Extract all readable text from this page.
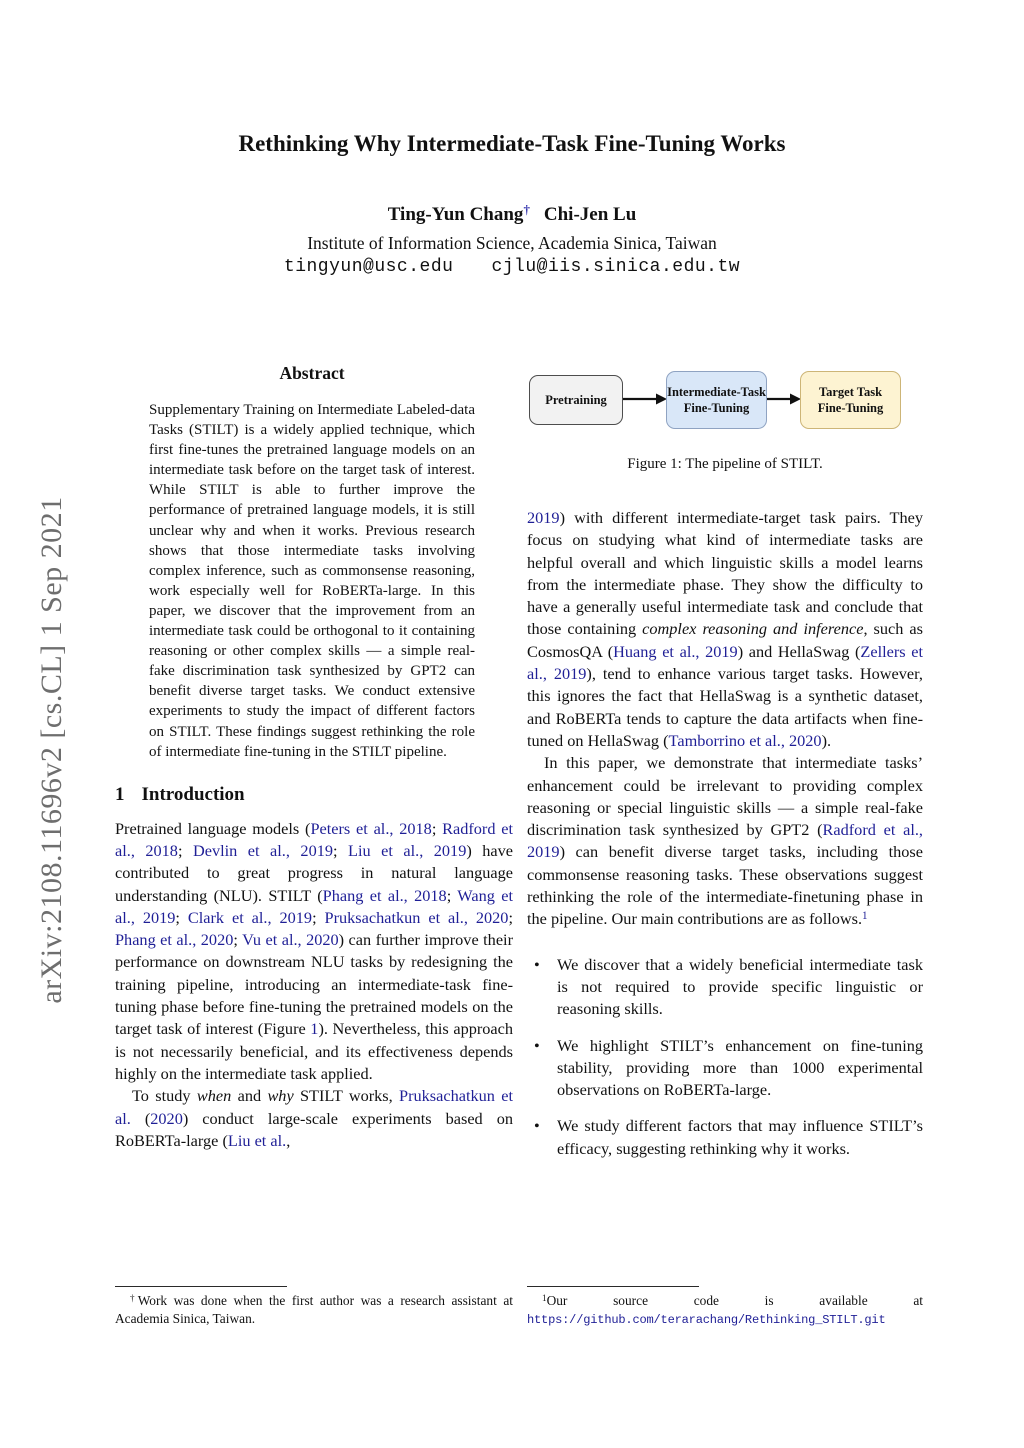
arXiv:2108.11696v2 [cs.CL] 1 Sep 2021
Rethinking Why Intermediate-Task Fine-Tuning Works
Ting-Yun Chang† Chi-Jen Lu
Institute of Information Science, Academia Sinica, Taiwan
tingyun@usc.edu cjlu@iis.sinica.edu.tw
Abstract
Supplementary Training on Intermediate Labeled-data Tasks (STILT) is a widely applied technique, which first fine-tunes the pretrained language models on an intermediate task before on the target task of interest. While STILT is able to further improve the performance of pretrained language models, it is still unclear why and when it works. Previous research shows that those intermediate tasks involving complex inference, such as commonsense reasoning, work especially well for RoBERTa-large. In this paper, we discover that the improvement from an intermediate task could be orthogonal to it containing reasoning or other complex skills — a simple real-fake discrimination task synthesized by GPT2 can benefit diverse target tasks. We conduct extensive experiments to study the impact of different factors on STILT. These findings suggest rethinking the role of intermediate fine-tuning in the STILT pipeline.
1 Introduction

Pretrained language models (Peters et al., 2018; Radford et al., 2018; Devlin et al., 2019; Liu et al., 2019) have contributed to great progress in natural language understanding (NLU). STILT (Phang et al., 2018; Wang et al., 2019; Clark et al., 2019; Pruksachatkun et al., 2020; Phang et al., 2020; Vu et al., 2020) can further improve their performance on downstream NLU tasks by redesigning the training pipeline, introducing an intermediate-task fine-tuning phase before fine-tuning the pretrained models on the target task of interest (Figure 1). Nevertheless, this approach is not necessarily beneficial, and its effectiveness depends highly on the intermediate task applied.

To study when and why STILT works, Pruksachatkun et al. (2020) conduct large-scale experiments based on RoBERTa-large (Liu et al.,

Pretraining
Intermediate-Task
Fine-Tuning
Target Task
Fine-Tuning
Figure 1: The pipeline of STILT.

2019) with different intermediate-target task pairs. They focus on studying what kind of intermediate tasks are helpful overall and which linguistic skills a model learns from the intermediate phase. They show the difficulty to have a generally useful intermediate task and conclude that those containing complex reasoning and inference, such as CosmosQA (Huang et al., 2019) and HellaSwag (Zellers et al., 2019), tend to enhance various target tasks. However, this ignores the fact that HellaSwag is a synthetic dataset, and RoBERTa tends to capture the data artifacts when fine-tuned on HellaSwag (Tamborrino et al., 2020).

In this paper, we demonstrate that intermediate tasks’ enhancement could be irrelevant to providing complex reasoning or special linguistic skills — a simple real-fake discrimination task synthesized by GPT2 (Radford et al., 2019) can benefit diverse target tasks, including those commonsense reasoning tasks. These observations suggest rethinking the role of the intermediate-finetuning phase in the pipeline. Our main contributions are as follows.$^1$

•	We discover that a widely beneficial intermediate task is not required to provide specific linguistic or reasoning skills.
•	We highlight STILT’s enhancement on fine-tuning stability, providing more than 1000 experimental observations on RoBERTa-large.
•	We study different factors that may influence STILT’s efficacy, suggesting rethinking why it works.
†Work was done when the first author was a research assistant at Academia Sinica, Taiwan.
$^1$Our source code is available at https://github.com/terarachang/Rethinking_STILT.git
